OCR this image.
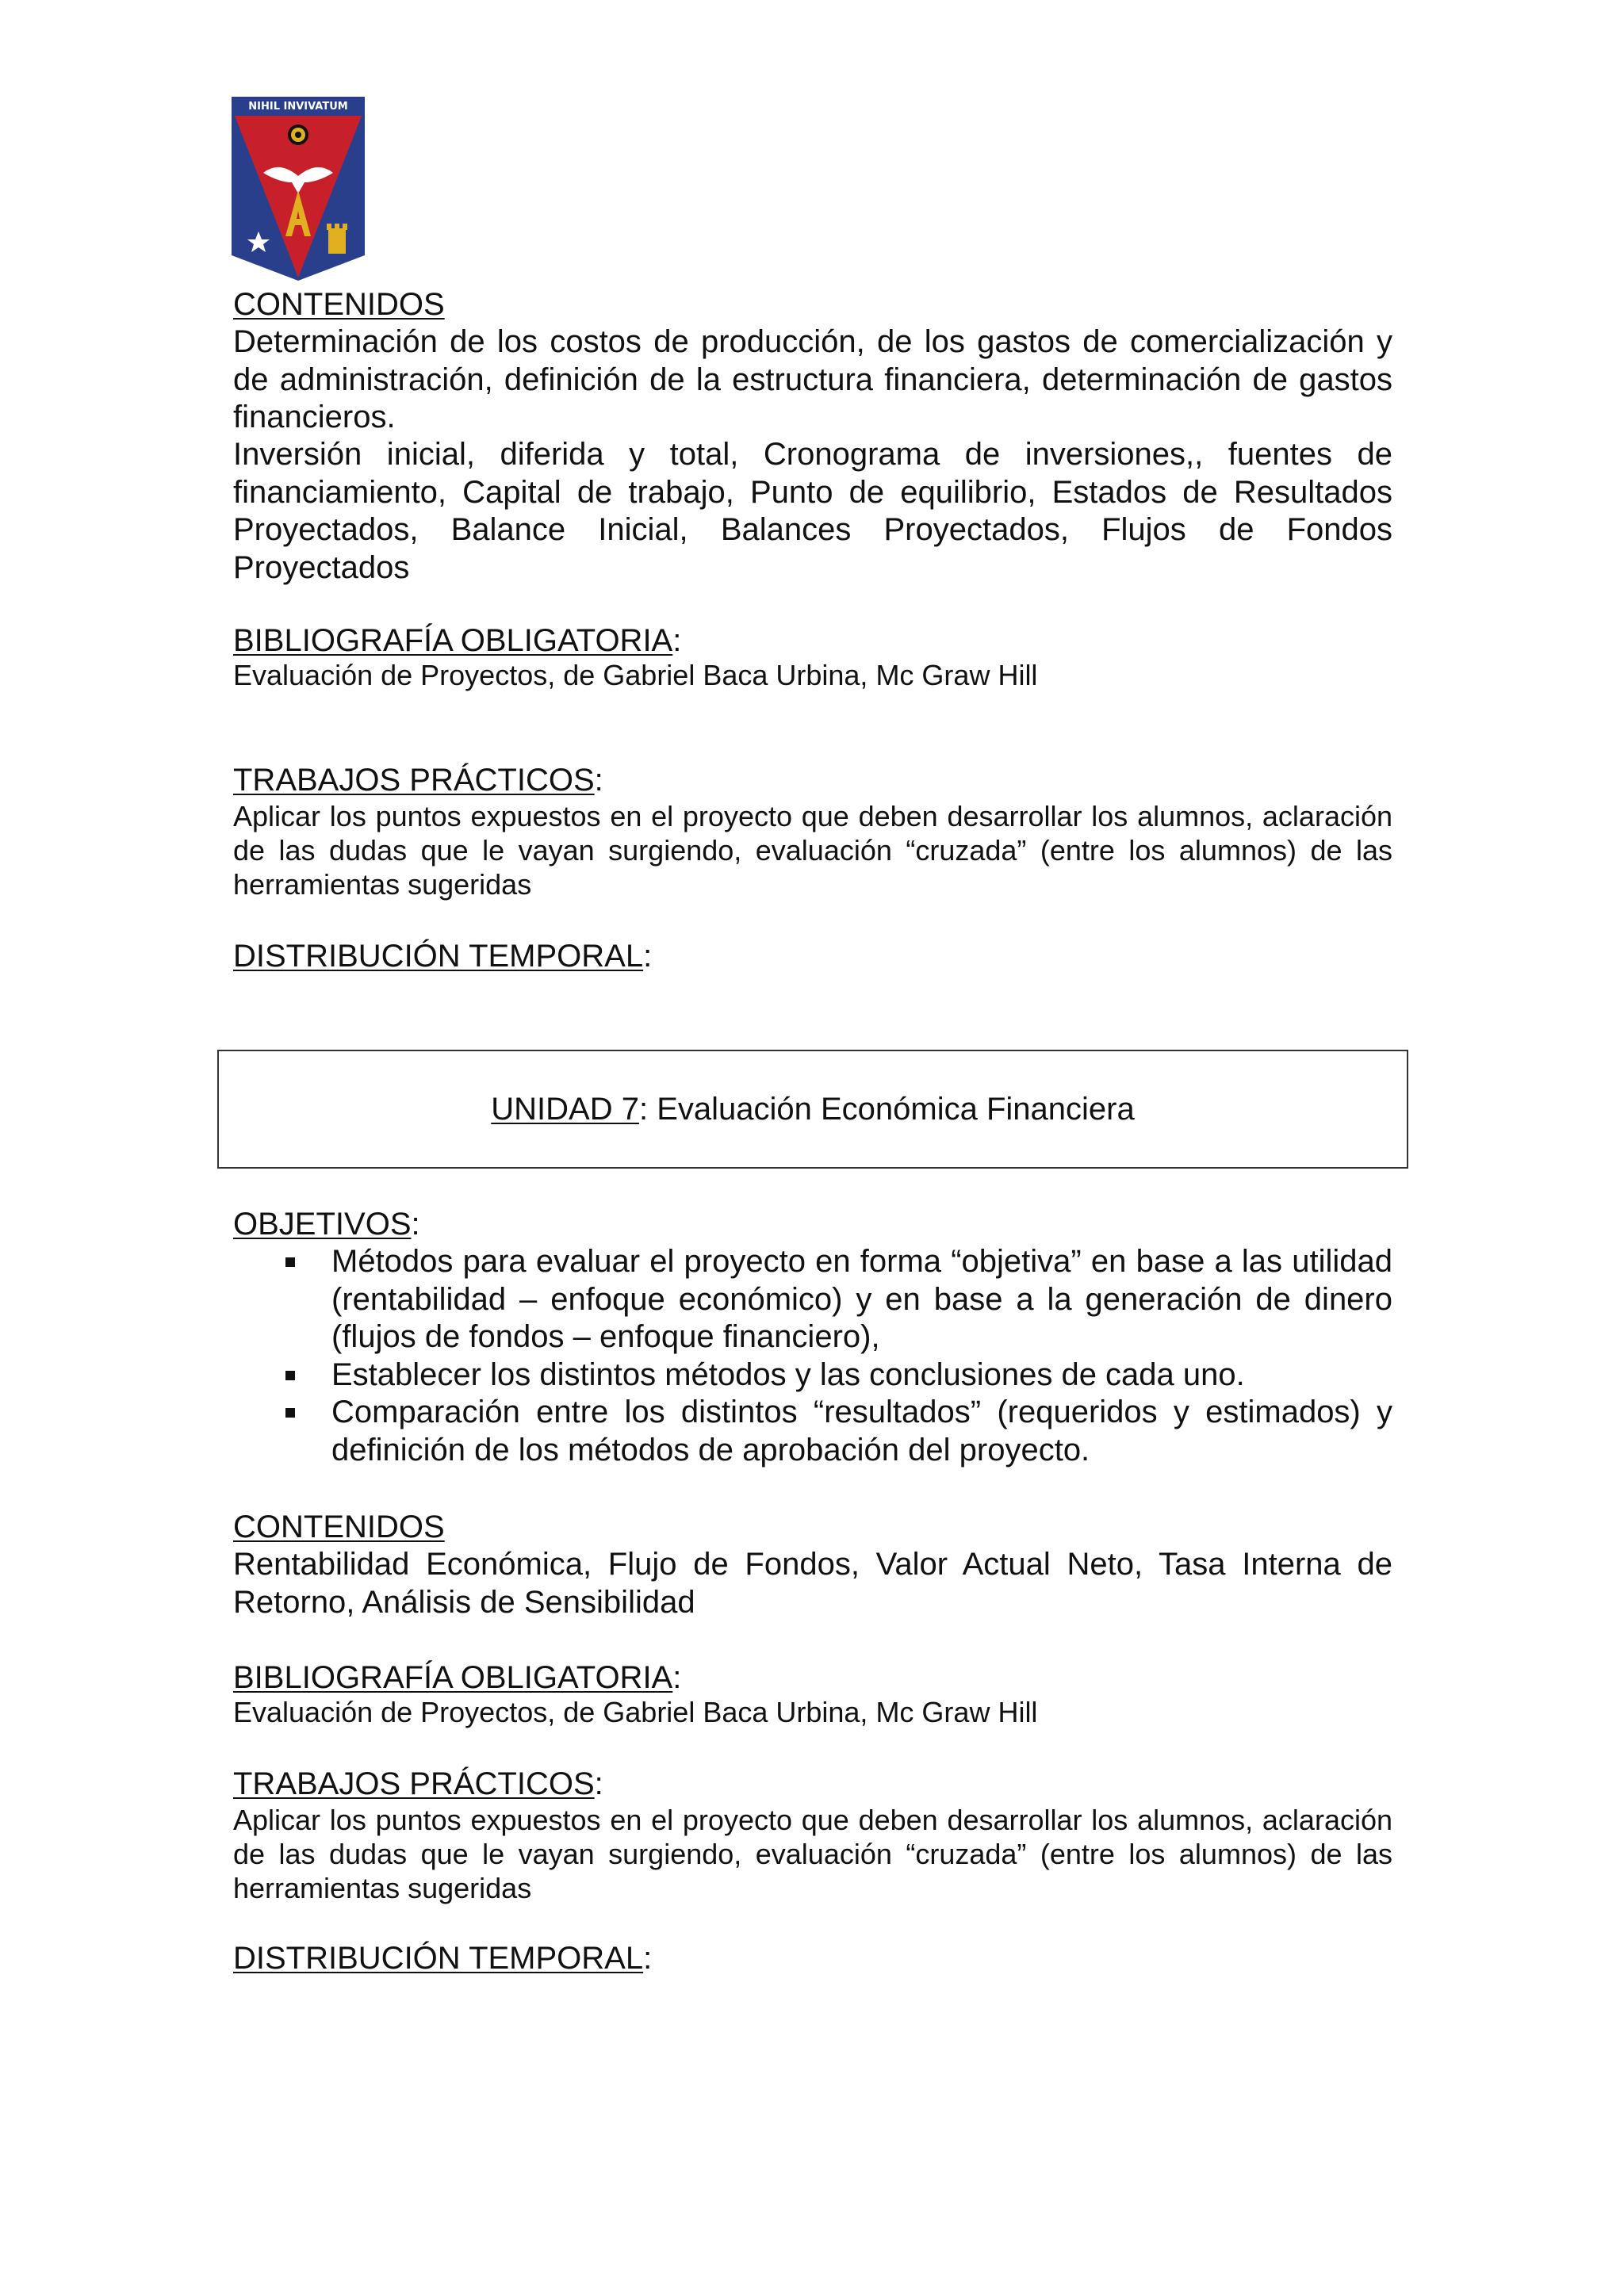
NIHIL INVIVATUM
CONTENIDOS

Determinación de los costos de producción, de los gastos de comercialización y de administración, definición de la estructura financiera, determinación de gastos financieros.

Inversión inicial, diferida y total, Cronograma de inversiones,, fuentes de financiamiento, Capital de trabajo, Punto de equilibrio, Estados de Resultados Proyectados, Balance Inicial, Balances Proyectados, Flujos de Fondos Proyectados

BIBLIOGRAFÍA OBLIGATORIA:

Evaluación de Proyectos, de Gabriel Baca Urbina, Mc Graw Hill

TRABAJOS PRÁCTICOS:

Aplicar los puntos expuestos en el proyecto que deben desarrollar los alumnos, aclaración de las dudas que le vayan surgiendo, evaluación “cruzada” (entre los alumnos) de las herramientas sugeridas

DISTRIBUCIÓN TEMPORAL:
UNIDAD 7: Evaluación Económica Financiera
OBJETIVOS:
Métodos para evaluar el proyecto en forma “objetiva” en base a las utilidad (rentabilidad – enfoque económico) y en base a la generación de dinero (flujos de fondos – enfoque financiero),
Establecer los distintos métodos y las conclusiones de cada uno.
Comparación entre los distintos “resultados” (requeridos y estimados) y definición de los métodos de aprobación del proyecto.
CONTENIDOS

Rentabilidad Económica, Flujo de Fondos, Valor Actual Neto, Tasa Interna de Retorno, Análisis de Sensibilidad

BIBLIOGRAFÍA OBLIGATORIA:

Evaluación de Proyectos, de Gabriel Baca Urbina, Mc Graw Hill

TRABAJOS PRÁCTICOS:

Aplicar los puntos expuestos en el proyecto que deben desarrollar los alumnos, aclaración de las dudas que le vayan surgiendo, evaluación “cruzada” (entre los alumnos) de las herramientas sugeridas

DISTRIBUCIÓN TEMPORAL:
